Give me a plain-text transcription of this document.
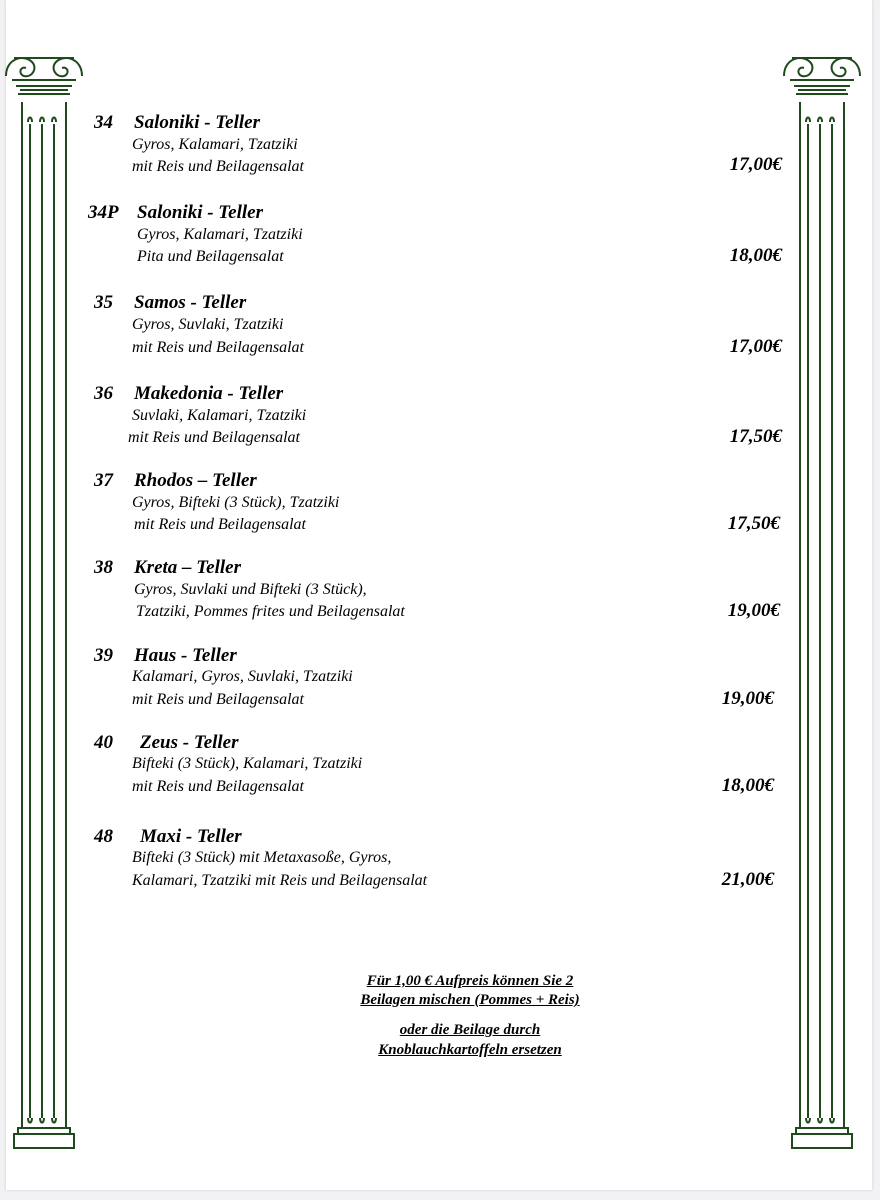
34 Saloniki - Teller
Gyros, Kalamari, Tzatziki
mit Reis und Beilagensalat	17,00€
34P Saloniki - Teller
Gyros, Kalamari, Tzatziki
Pita und Beilagensalat	18,00€
35 Samos - Teller
Gyros, Suvlaki, Tzatziki
mit Reis und Beilagensalat	17,00€
36 Makedonia - Teller
Suvlaki, Kalamari, Tzatziki
mit Reis und Beilagensalat	17,50€
37 Rhodos – Teller
Gyros, Bifteki (3 Stück), Tzatziki
mit Reis und Beilagensalat	17,50€
38 Kreta – Teller
Gyros, Suvlaki und Bifteki (3 Stück),
Tzatziki, Pommes frites und Beilagensalat	19,00€
39 Haus - Teller
Kalamari, Gyros, Suvlaki, Tzatziki
mit Reis und Beilagensalat	19,00€
40 Zeus - Teller
Bifteki (3 Stück), Kalamari, Tzatziki
mit Reis und Beilagensalat	18,00€
48 Maxi - Teller
Bifteki (3 Stück) mit Metaxasoße, Gyros,
Kalamari, Tzatziki mit Reis und Beilagensalat	21,00€
Für 1,00 € Aufpreis können Sie 2
Beilagen mischen (Pommes + Reis)
oder die Beilage durch
Knoblauchkartoffeln ersetzen
